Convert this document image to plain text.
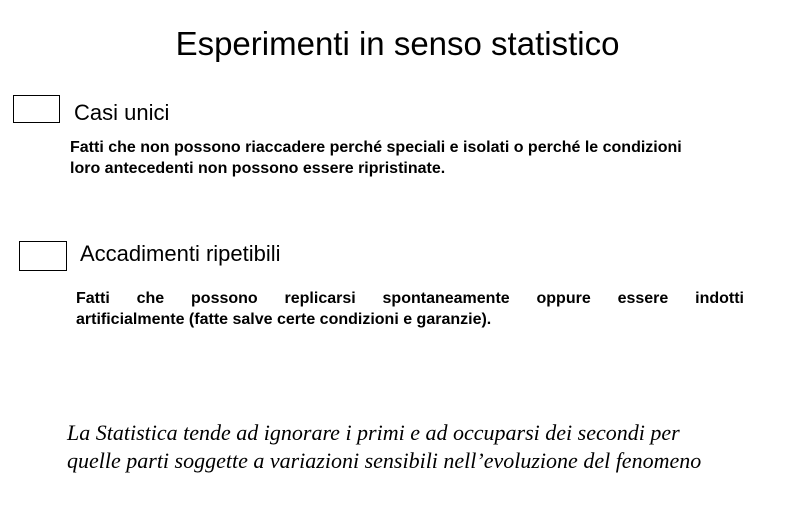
Esperimenti in senso statistico
Casi unici
Fatti che non possono riaccadere perché speciali e isolati o perché le condizioni
loro antecedenti non possono essere ripristinate.
Accadimenti ripetibili
Fatti che possono replicarsi spontaneamente oppure essere indotti
artificialmente (fatte salve certe condizioni e garanzie).
La Statistica tende ad ignorare i primi e ad occuparsi dei secondi per
quelle parti soggette a variazioni sensibili nell’evoluzione del fenomeno
